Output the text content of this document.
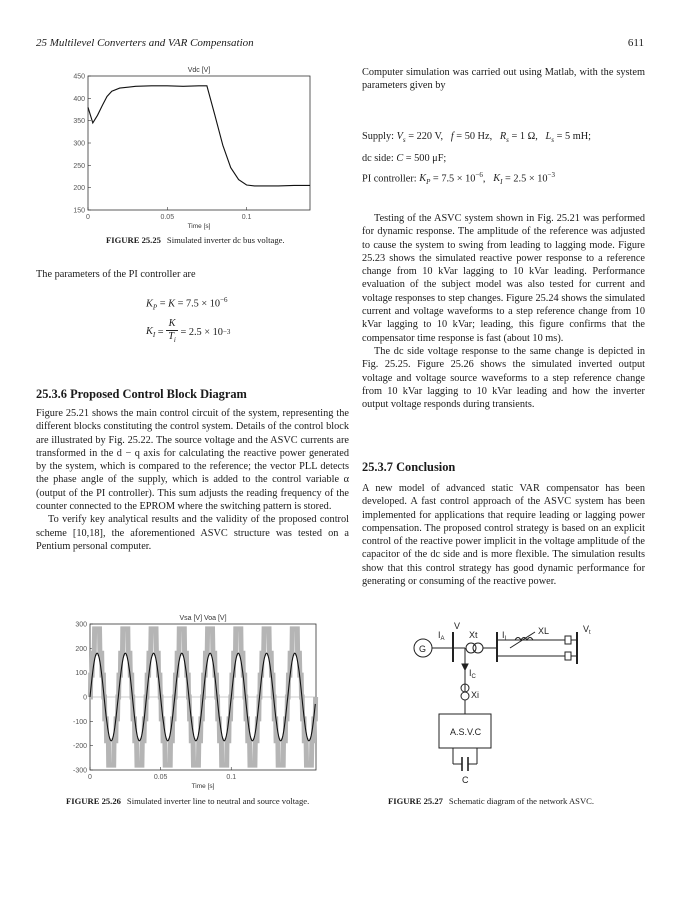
25 Multilevel Converters and VAR Compensation	611
Vdc [V]
450
400
350
300
250
200
150
0	0.05	0.1
Time [s]
FIGURE 25.25 Simulated inverter dc bus voltage.
The parameters of the PI controller are
$K_P = K = 7.5 \times 10^{-6}$
$K_I = \frac{K}{T_i} = 2.5 \times 10 -3$
25.3.6 Proposed Control Block Diagram

Figure 25.21 shows the main control circuit of the system, representing the different blocks constituting the control system. Details of the control block are illustrated by Fig. 25.22. The source voltage and the ASVC currents are transformed in the d − q axis for calculating the reactive power generated by the system, which is compared to the reference; the vector PLL detects the phase angle of the supply, which is added to the control variable α (output of the PI controller). This sum adjusts the reading frequency of the counter connected to the EPROM where the switching pattern is stored.

To verify key analytical results and the validity of the proposed control scheme [10,18], the aforementioned ASVC structure was tested on a Pentium personal computer.

Computer simulation was carried out using Matlab, with the system parameters given by
Supply: $V_s = 220$ V,   f = 50 Hz,   $R_s = 1$ Ω,   $L_s = 5$ mH;
dc side: C = 500 μF;
PI controller: $K_P = 7.5 \times 10^{-6}$,   $K_I = 2.5 \times 10^{-3}$

Testing of the ASVC system shown in Fig. 25.21 was performed for dynamic response. The amplitude of the reference was adjusted to cause the system to swing from leading to lagging mode. Figure 25.23 shows the simulated reactive power response to a reference change from 10 kVar lagging to 10 kVar leading. Performance evaluation of the subject model was also tested for current and voltage responses to step changes. Figure 25.24 shows the simulated current and voltage waveforms to a step reference change from 10 kVar lagging to 10 kVar; leading, this figure confirms that the compensator time response is fast (about 10 ms).

The dc side voltage response to the same change is depicted in Fig. 25.25. Figure 25.26 shows the simulated inverted output voltage and voltage source waveforms to a step reference change from 10 kVar lagging to 10 kVar leading and how the inverter output voltage responds during transients.

25.3.7 Conclusion

A new model of advanced static VAR compensator has been developed. A fast control approach of the ASVC system has been implemented for applications that require leading or lagging power compensation. The proposed control strategy is based on an explicit control of the reactive power implicit in the voltage amplitude of the capacitor of the dc side and is more flexible. The simulation results show that this control strategy has good dynamic performance for generating or consuming of the reactive power.

Vsa [V] Voa [V]
300
200
100
0
-100
-200
-300
0	0.05	0.1
Time [s]
FIGURE 25.26 Simulated inverter line to neutral and source voltage.
G
$I_A$
V
Xt	$I_L$
XL	$V_t$
$I_C$
Xi
A.S.V.C
C
FIGURE 25.27 Schematic diagram of the network ASVC.
